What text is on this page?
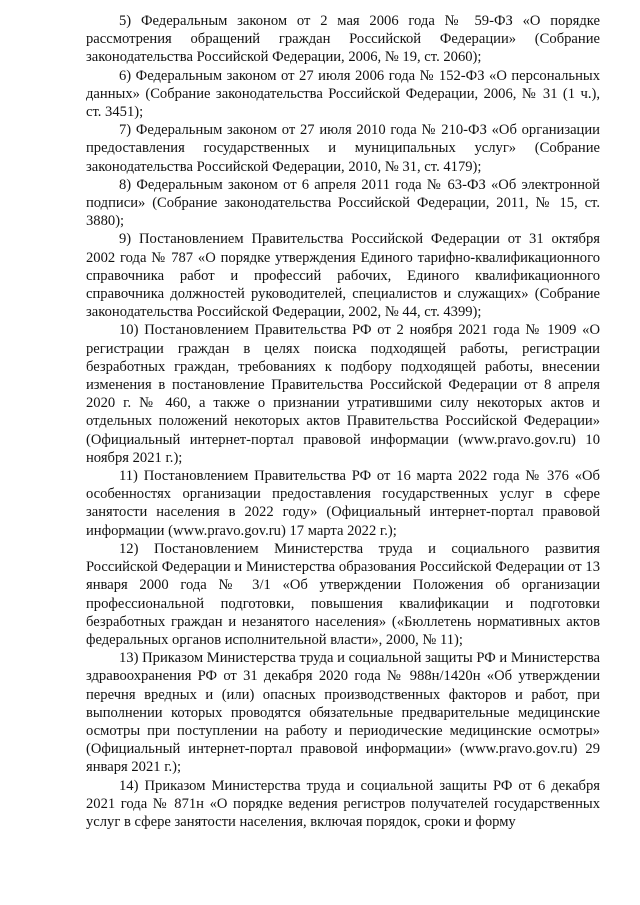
5) Федеральным законом от 2 мая 2006 года № 59-ФЗ «О порядке рассмотрения обращений граждан Российской Федерации» (Собрание законодательства Российской Федерации, 2006, № 19, ст. 2060);

6) Федеральным законом от 27 июля 2006 года № 152-ФЗ «О персональных данных» (Собрание законодательства Российской Федерации, 2006, № 31 (1 ч.), ст. 3451);

7) Федеральным законом от 27 июля 2010 года № 210-ФЗ «Об организации предоставления государственных и муниципальных услуг» (Собрание законодательства Российской Федерации, 2010, № 31, ст. 4179);

8) Федеральным законом от 6 апреля 2011 года № 63-ФЗ «Об электронной подписи» (Собрание законодательства Российской Федерации, 2011, № 15, ст. 3880);

9) Постановлением Правительства Российской Федерации от 31 октября 2002 года № 787 «О порядке утверждения Единого тарифно-квалификационного справочника работ и профессий рабочих, Единого квалификационного справочника должностей руководителей, специалистов и служащих» (Собрание законодательства Российской Федерации, 2002, № 44, ст. 4399);

10) Постановлением Правительства РФ от 2 ноября 2021 года № 1909 «О регистрации граждан в целях поиска подходящей работы, регистрации безработных граждан, требованиях к подбору подходящей работы, внесении изменения в постановление Правительства Российской Федерации от 8 апреля 2020 г. № 460, а также о признании утратившими силу некоторых актов и отдельных положений некоторых актов Правительства Российской Федерации» (Официальный интернет-портал правовой информации (www.pravo.gov.ru) 10 ноября 2021 г.);

11) Постановлением Правительства РФ от 16 марта 2022 года № 376 «Об особенностях организации предоставления государственных услуг в сфере занятости населения в 2022 году» (Официальный интернет-портал правовой информации (www.pravo.gov.ru) 17 марта 2022 г.);

12) Постановлением Министерства труда и социального развития Российской Федерации и Министерства образования Российской Федерации от 13 января 2000 года № 3/1 «Об утверждении Положения об организации профессиональной подготовки, повышения квалификации и подготовки безработных граждан и незанятого населения» («Бюллетень нормативных актов федеральных органов исполнительной власти», 2000, № 11);

13) Приказом Министерства труда и социальной защиты РФ и Министерства здравоохранения РФ от 31 декабря 2020 года № 988н/1420н «Об утверждении перечня вредных и (или) опасных производственных факторов и работ, при выполнении которых проводятся обязательные предварительные медицинские осмотры при поступлении на работу и периодические медицинские осмотры» (Официальный интернет-портал правовой информации» (www.pravo.gov.ru) 29 января 2021 г.);

14) Приказом Министерства труда и социальной защиты РФ от 6 декабря 2021 года № 871н «О порядке ведения регистров получателей государственных услуг в сфере занятости населения, включая порядок, сроки и форму
